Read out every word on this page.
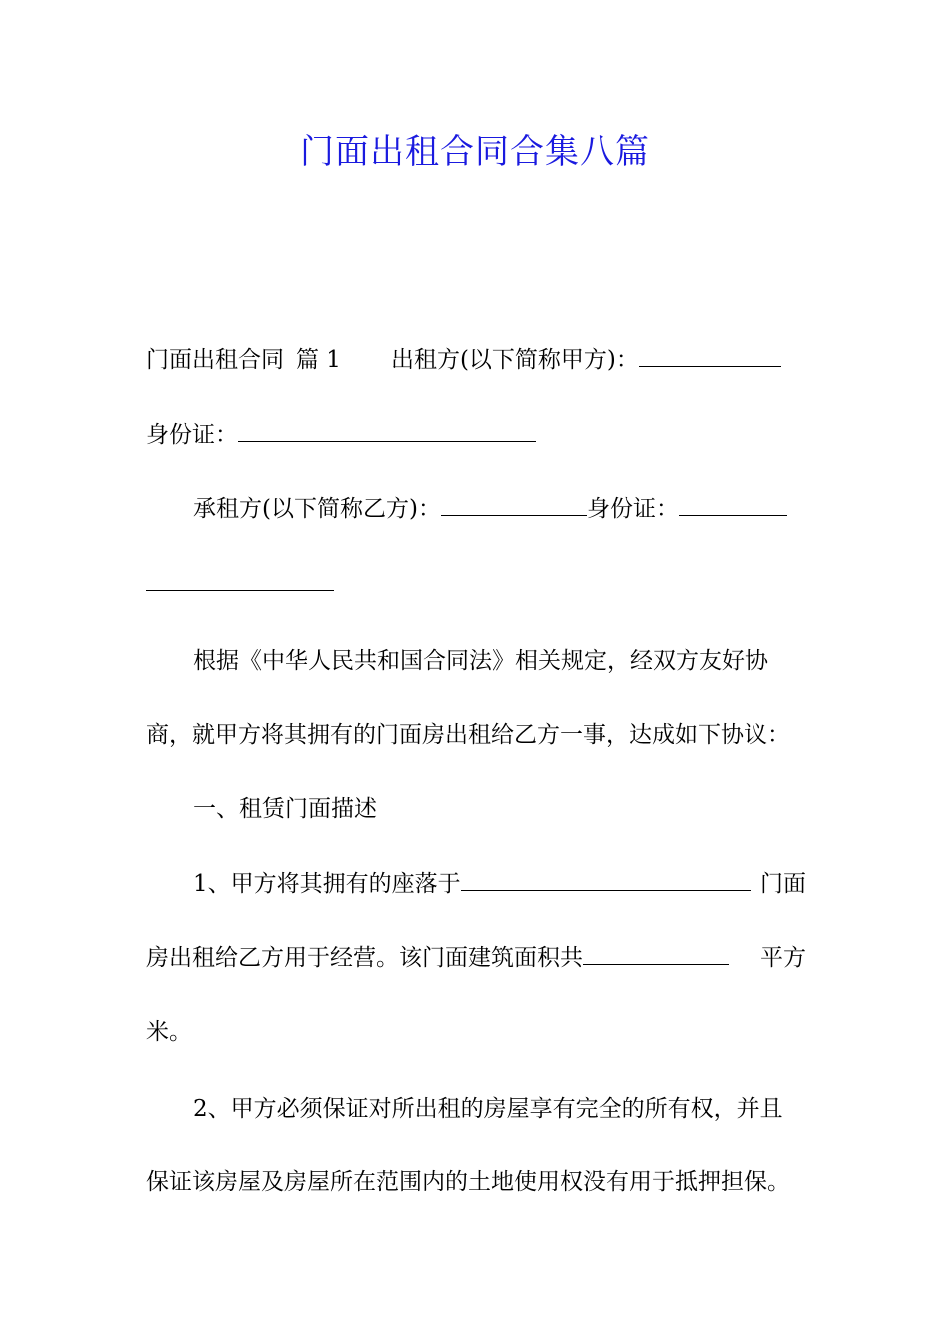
门面出租合同合集八篇
门面出租合同 篇 1 出租方(以下简称甲方)：
身份证：
承租方(以下简称乙方)：	身份证：
根据《中华人民共和国合同法》相关规定，经双方友好协
商，就甲方将其拥有的门面房出租给乙方一事，达成如下协议：
一、租赁门面描述
1、甲方将其拥有的座落于	门面
房出租给乙方用于经营。该门面建筑面积共	平方
米。
2、甲方必须保证对所出租的房屋享有完全的所有权，并且
保证该房屋及房屋所在范围内的土地使用权没有用于抵押担保。
